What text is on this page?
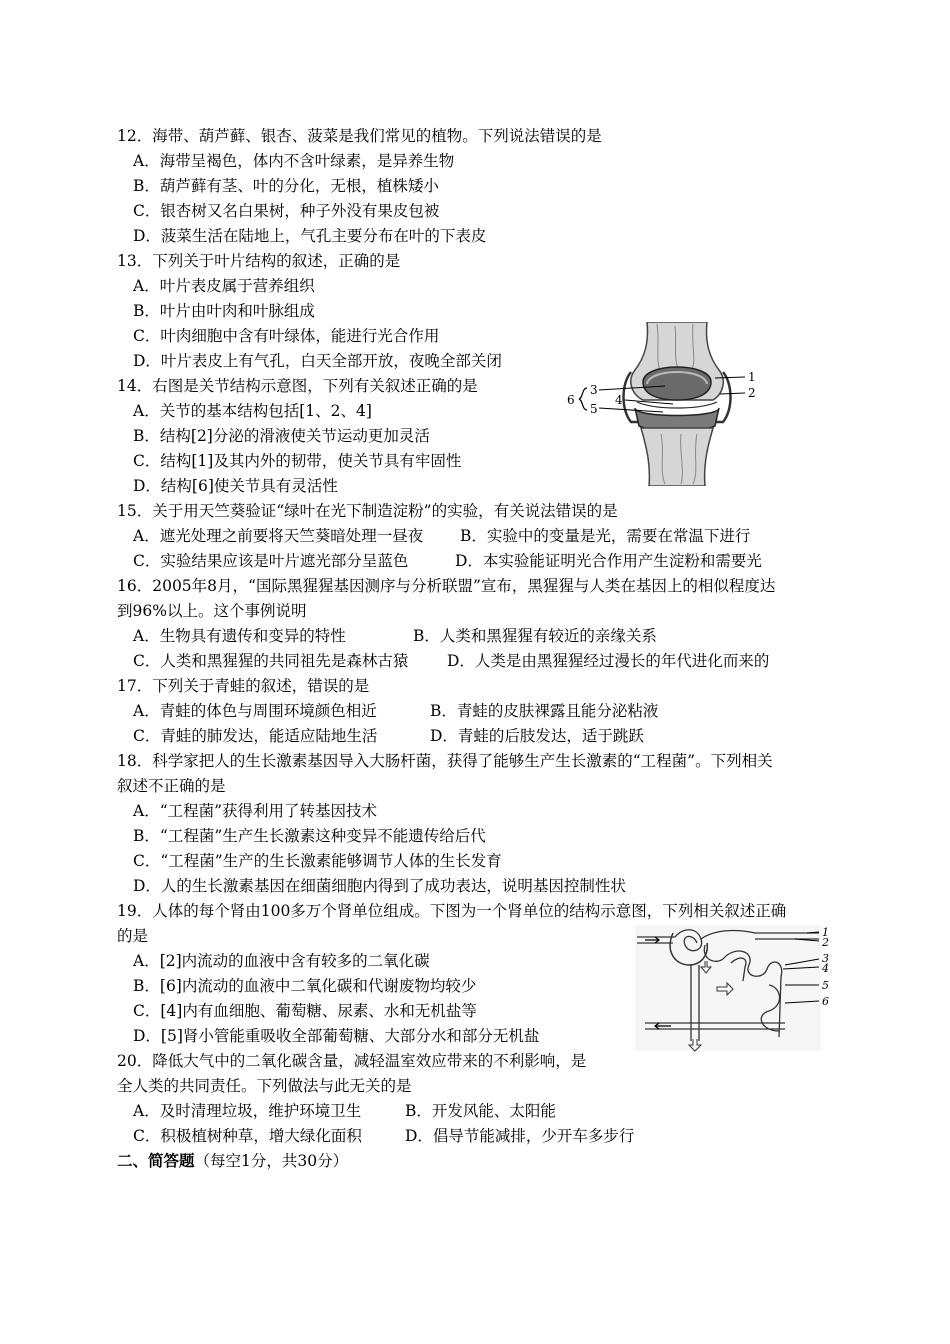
12．海带、葫芦藓、银杏、菠菜是我们常见的植物。下列说法错误的是
A．海带呈褐色，体内不含叶绿素，是异养生物
B．葫芦藓有茎、叶的分化，无根，植株矮小
C．银杏树又名白果树，种子外没有果皮包被
D．菠菜生活在陆地上，气孔主要分布在叶的下表皮
13．下列关于叶片结构的叙述，正确的是
A．叶片表皮属于营养组织
B．叶片由叶肉和叶脉组成
C．叶肉细胞中含有叶绿体，能进行光合作用
D．叶片表皮上有气孔，白天全部开放，夜晚全部关闭
14．右图是关节结构示意图，下列有关叙述正确的是
A．关节的基本结构包括[1、2、4]
B．结构[2]分泌的滑液使关节运动更加灵活
C．结构[1]及其内外的韧带，使关节具有牢固性
D．结构[6]使关节具有灵活性
1
2
3
4
5
6
15．关于用天竺葵验证“绿叶在光下制造淀粉”的实验，有关说法错误的是
A．遮光处理之前要将天竺葵暗处理一昼夜 B．实验中的变量是光，需要在常温下进行
C．实验结果应该是叶片遮光部分呈蓝色	D．本实验能证明光合作用产生淀粉和需要光
16．2005年8月，“国际黑猩猩基因测序与分析联盟”宣布，黑猩猩与人类在基因上的相似程度达
到96%以上。这个事例说明
A．生物具有遗传和变异的特性	B．人类和黑猩猩有较近的亲缘关系
C．人类和黑猩猩的共同祖先是森林古猿 D．人类是由黑猩猩经过漫长的年代进化而来的
17．下列关于青蛙的叙述，错误的是
A．青蛙的体色与周围环境颜色相近	B．青蛙的皮肤裸露且能分泌粘液
C．青蛙的肺发达，能适应陆地生活	D．青蛙的后肢发达，适于跳跃
18．科学家把人的生长激素基因导入大肠杆菌，获得了能够生产生长激素的“工程菌”。下列相关
叙述不正确的是
A．“工程菌”获得利用了转基因技术
B．“工程菌”生产生长激素这种变异不能遗传给后代
C．“工程菌”生产的生长激素能够调节人体的生长发育
D．人的生长激素基因在细菌细胞内得到了成功表达，说明基因控制性状
19．人体的每个肾由100多万个肾单位组成。下图为一个肾单位的结构示意图，下列相关叙述正确
的是
A．[2]内流动的血液中含有较多的二氧化碳
B．[6]内流动的血液中二氧化碳和代谢废物均较少
C．[4]内有血细胞、葡萄糖、尿素、水和无机盐等
D．[5]肾小管能重吸收全部葡萄糖、大部分水和部分无机盐
1
2
3
4
5
6
20．降低大气中的二氧化碳含量，减轻温室效应带来的不利影响，是
全人类的共同责任。下列做法与此无关的是
A．及时清理垃圾，维护环境卫生	B．开发风能、太阳能
C．积极植树种草，增大绿化面积	D．倡导节能减排，少开车多步行
二、简答题（每空1分，共30分）
